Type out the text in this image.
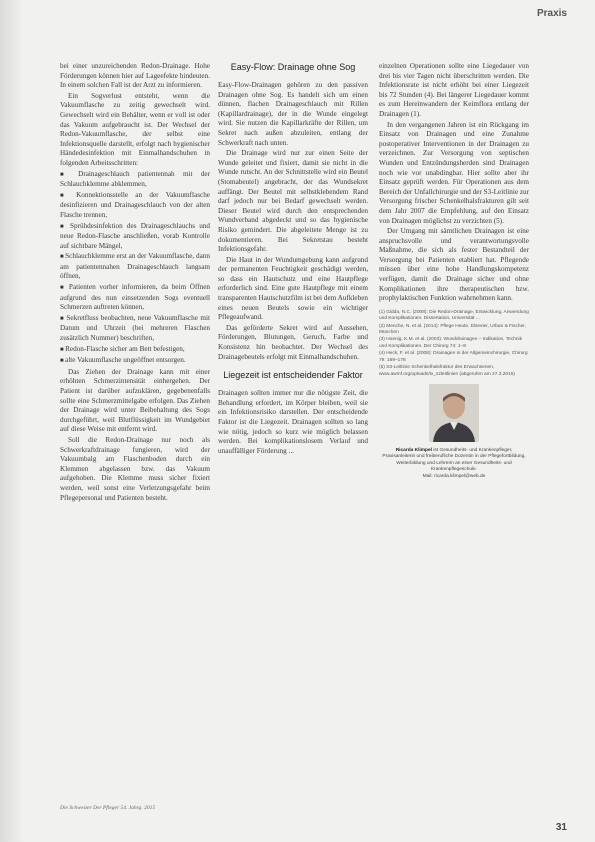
Praxis

bei einer unzureichenden Redon-Drainage. Hohe Förderungen können hier auf Lageefekte hindeuten. In einem solchen Fall ist der Arzt zu informieren.

Ein Sogverlust entsteht, wenn die Vakuumflasche zu zeitig gewechselt wird. Gewechselt wird ein Behälter, wenn er voll ist oder das Vakuum aufgebraucht ist. Der Wechsel der Redon-Vakuumflasche, der selbst eine Infektionsquelle darstellt, erfolgt nach hygienischer Händedesinfektion mit Einmalhandschuhen in folgenden Arbeitsschritten:

■ Drainageschlauch patientennah mit der Schlauchklemme abklemmen,
■ Konnektionsstelle an der Vakuumflasche desinfizieren und Drainageschlauch von der alten Flasche trennen,
■ Sprühdesinfektion des Drainageschlauchs und neue Redon-Flasche anschließen, vorab Kontrolle auf sichtbare Mängel,
■ Schlauchklemme erst an der Vakuumflasche, dann am patientennahen Drainageschlauch langsam öffnen,
■ Patienten vorher informieren, da beim Öffnen aufgrund des nun einsetzenden Sogs eventuell Schmerzen auftreten können,
■ Sekretfluss beobachten, neue Vakuumflasche mit Datum und Uhrzeit (bei mehreren Flaschen zusätzlich Nummer) beschriften,
■ Redon-Flasche sicher am Bett befestigen,
■ alte Vakuumflasche ungeöffnet entsorgen.

Das Ziehen der Drainage kann mit einer erhöhten Schmerzintensität einhergehen. Der Patient ist darüber aufzuklären, gegebenenfalls sollte eine Schmerzmittelgabe erfolgen. Das Ziehen der Drainage wird unter Beibehaltung des Sogs durchgeführt, weil Blutflüssigkeit im Wundgebiet auf diese Weise mit entfernt wird.

Soll die Redon-Drainage nur noch als Schwerkraftdrainage fungieren, wird der Vakuumbalg am Flaschenboden durch ein Klemmen abgelassen bzw. das Vakuum aufgehoben. Die Klemme muss sicher fixiert werden, weil sonst eine Verletzungsgefahr beim Pflegepersonal und Patienten besteht.

Easy-Flow: Drainage ohne Sog

Easy-Flow-Drainagen gehören zu den passiven Drainagen ohne Sog. Es handelt sich um einen dünnen, flachen Drainageschlauch mit Rillen (Kapillardrainage), der in die Wunde eingelegt wird. Sie nutzen die Kapillarkräfte der Rillen, um Sekret nach außen abzuleiten, entlang der Schwerkraft nach unten.

Die Drainage wird nur zur einen Seite der Wunde geleitet und fixiert, damit sie nicht in die Wunde rutscht. An der Schnittstelle wird ein Beutel (Stomabeutel) angebracht, der das Wundsekret auffängt. Der Beutel mit selbstklebendem Rand darf jedoch nur bei Bedarf gewechselt werden. Dieser Beutel wird durch den entsprechenden Wundverband abgedeckt und so das hygienische Risiko gemindert. Die abgeleitete Menge ist zu dokumentieren. Bei Sekretstau besteht Infektionsgefahr.

Die Haut in der Wundumgebung kann aufgrund der permanenten Feuchtigkeit geschädigt werden, so dass ein Hautschutz und eine Hautpflege erforderlich sind. Eine gute Hautpflege mit einem transparenten Hautschutzfilm ist bei dem Aufkleben eines neuen Beutels sowie ein wichtiger Pflegeaufwand.

Das geförderte Sekret wird auf Aussehen, Förderungen, Blutungen, Geruch, Farbe und Konsistenz hin beobachtet. Der Wechsel des Drainagebeutels erfolgt mit Einmalhandschuhen.

Liegezeit ist entscheidender Faktor

Drainagen sollten immer nur die nötigste Zeit, die Behandlung erfordert, im Körper bleiben, weil sie ein Infektionsrisiko darstellen. Der entscheidende Faktor ist die Liegezeit. Drainagen sollten so lang wie nötig, jedoch so kurz wie möglich belassen werden. Bei komplikationslosem Verlauf und unauffälliger Förderung ...

einzelnen Operationen sollte eine Liegedauer von drei bis vier Tagen nicht überschritten werden. Die Infektionsrate ist nicht erhöht bei einer Liegezeit bis 72 Stunden (4). Bei längerer Liegedauer kommt es zum Hereinwandern der Keimflora entlang der Drainagen (1).

In den vergangenen Jahren ist ein Rückgang im Einsatz von Drainagen und eine Zunahme postoperativer Interventionen in der Drainagen zu verzeichnen. Zur Versorgung von septischen Wunden und Entzündungsherden sind Drainagen noch wie vor unabdingbar. Hier sollte aber ihr Einsatz geprüft werden. Für Operationen aus dem Bereich der Unfallchirurgie und der S3-Leitlinie zur Versorgung frischer Schenkelhalsfrakturen gilt seit dem Jahr 2007 die Empfehlung, auf den Einsatz von Drainagen möglichst zu verzichten (5).

Der Umgang mit sämtlichen Drainagen ist eine anspruchsvolle und verantwortungsvolle Maßnahme, die sich als fester Bestandteil der Versorgung bei Patienten etabliert hat. Pflegende müssen über eine hohe Handlungskompetenz verfügen, damit die Drainage sicher und ohne Komplikationen ihre therapeutischen bzw. prophylaktischen Funktion wahrnehmen kann.

(1) Gidda, N.C. (2008): Die Redon-Drainage, Entwicklung, Anwendung und Komplikationen. Dissertation, Universität ...
(2) Menche, N. et al. (2014): Pflege Heute, Elsevier, Urban & Fischer, München
(3) Hoenig, K.M. et al. (2003): Wunddrainagen – Indikation, Technik und Komplikationen. Der Chirurg 74: 1–8
(4) Heck, F. et al. (2008): Drainagen in der Allgemeinchirurgie, Chirurg 79: 169–178
(5) S3-Leitlinie Schenkelhalsfraktur des Erwachsenen, www.awmf.org/uploads/tx_szleitlinien (abgerufen am 27.3.2015)
Ricarda Klimpel ist Gesundheits- und Krankenpfleger, Praxisanleiterin und freiberufliche Dozentin in der Pflegefortbildung, Weiterbildung und Lehrerin an einer Gesundheits- und Krankenpflegeschule.
Mail: ricarda.klimpel@web.de
Die Schwester Der Pfleger 54. Jahrg. 2015
31
